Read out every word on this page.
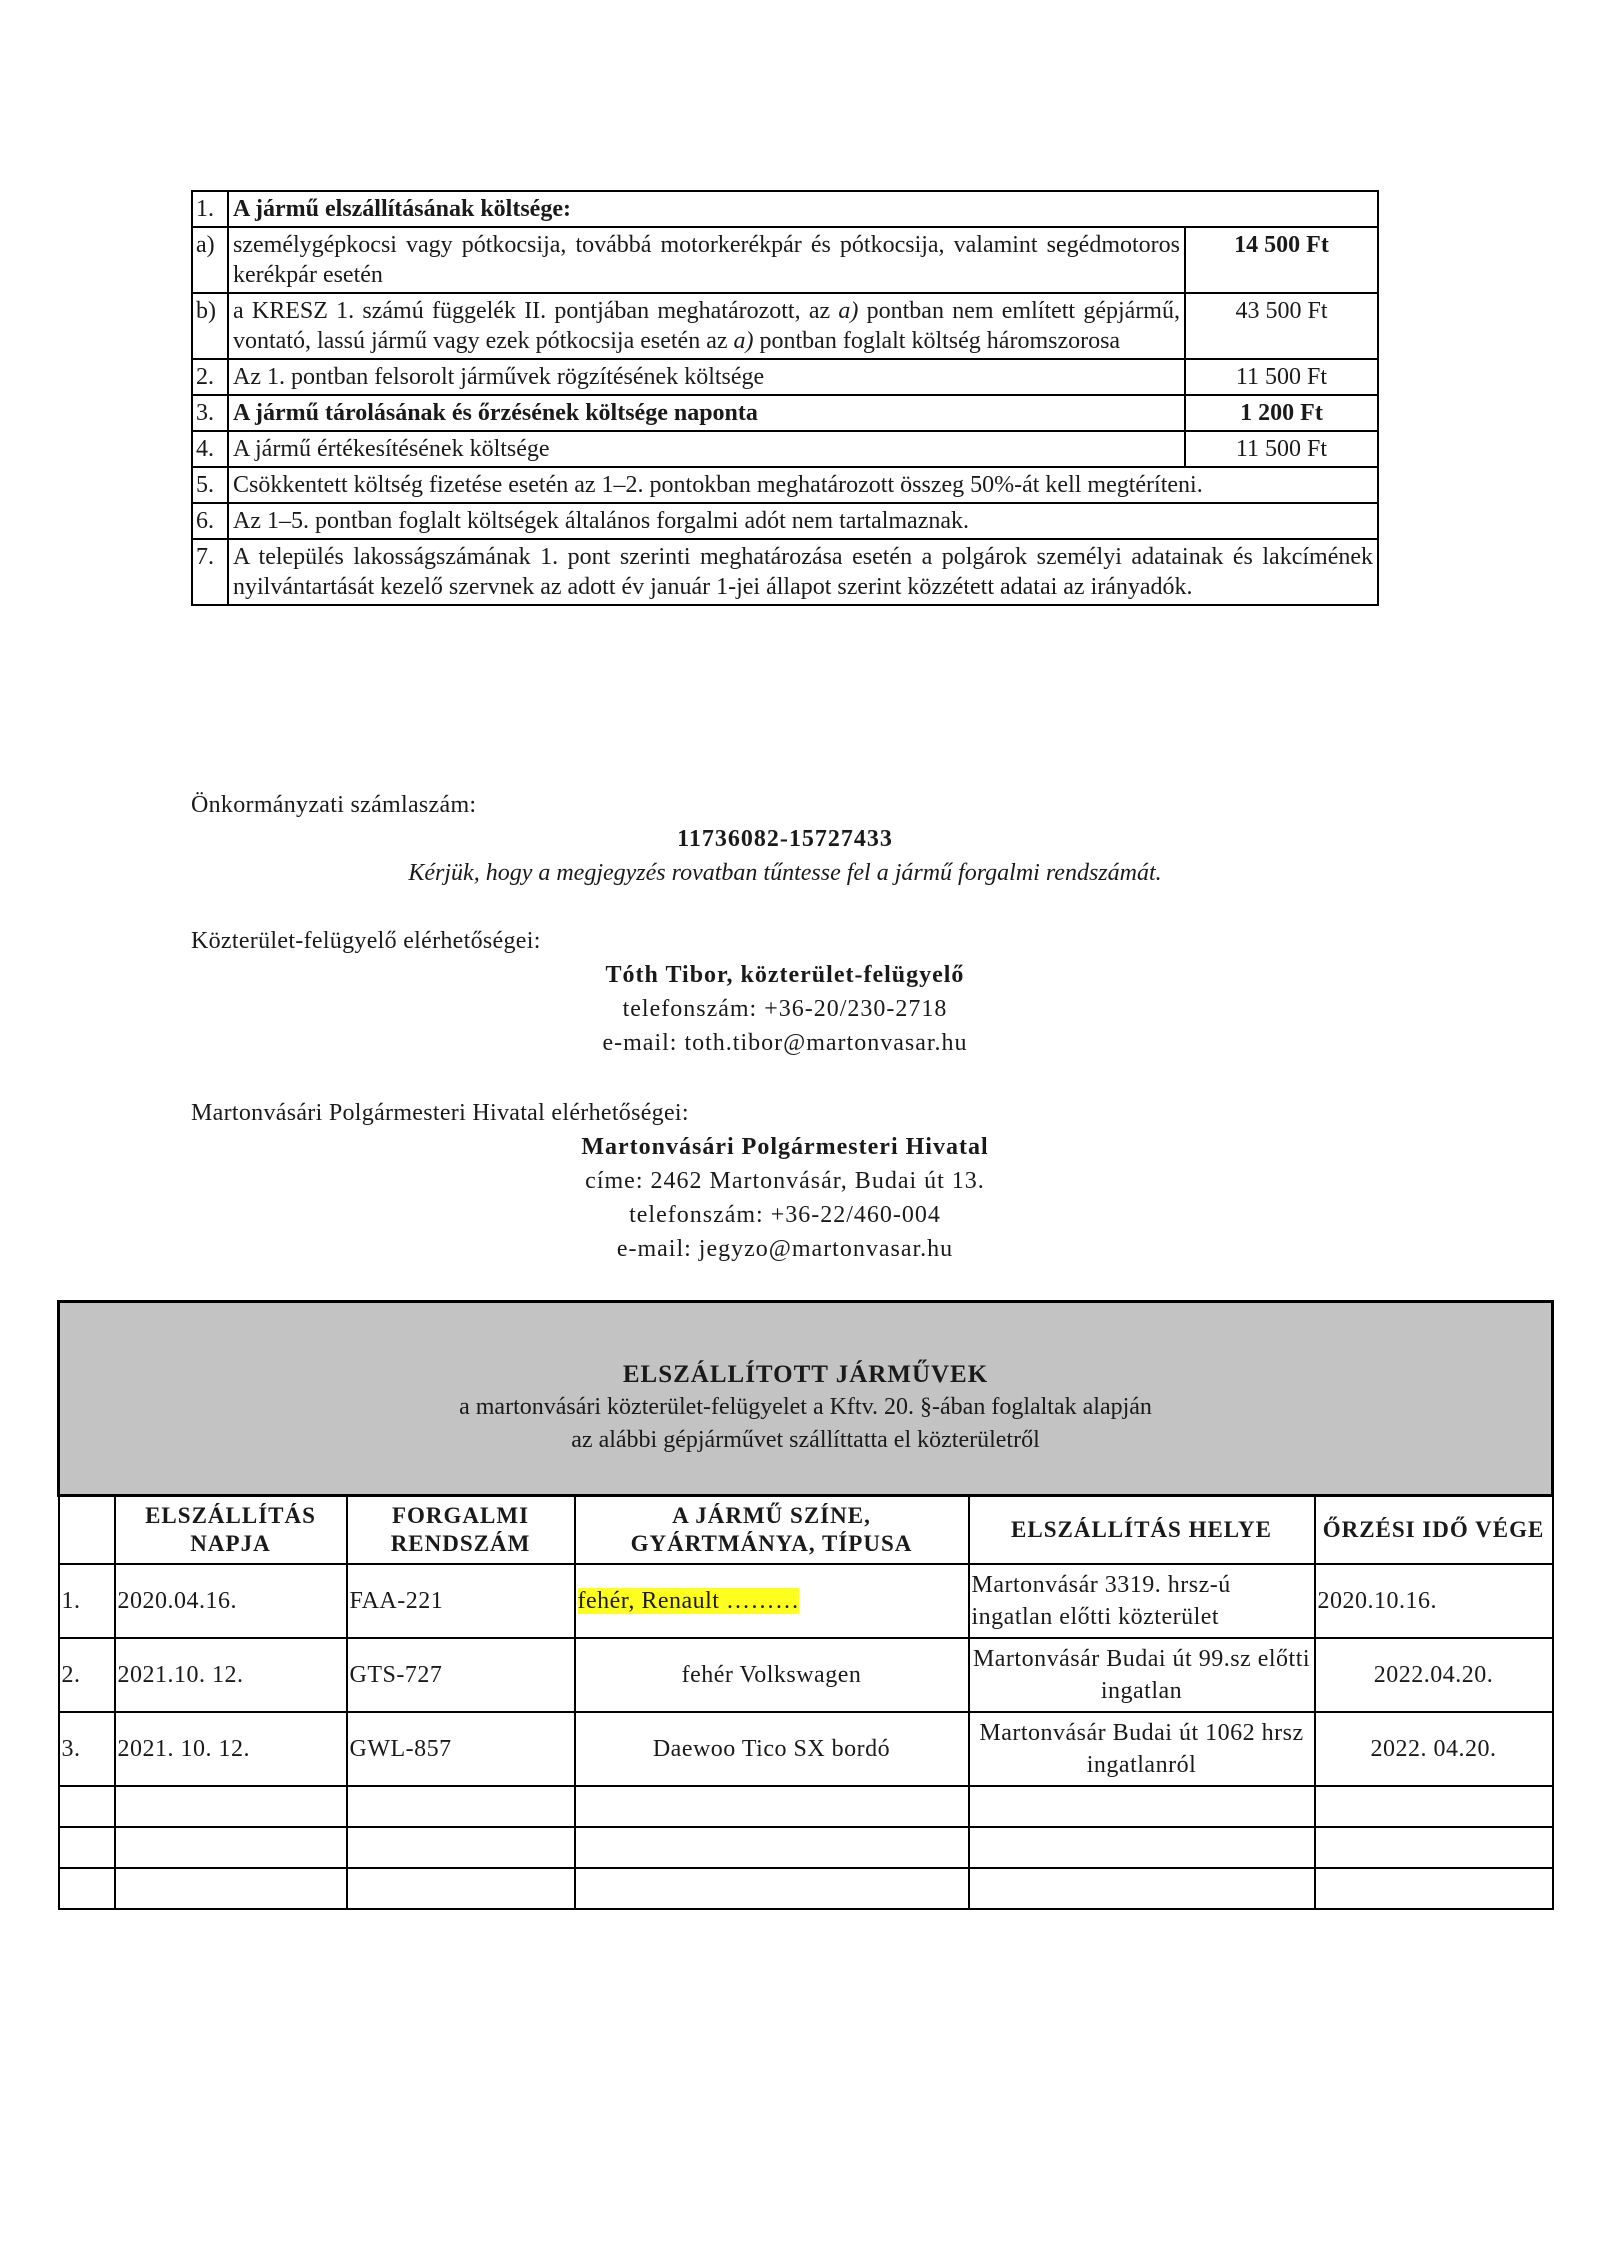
1.	A jármű elszállításának költsége:	
a)	személygépkocsi vagy pótkocsija, továbbá motorkerékpár és pótkocsija, valamint segédmotoros kerékpár esetén	14 500 Ft
b)	a KRESZ 1. számú függelék II. pontjában meghatározott, az a) pontban nem említett gépjármű, vontató, lassú jármű vagy ezek pótkocsija esetén az a) pontban foglalt költség háromszorosa	43 500 Ft
2.	Az 1. pontban felsorolt járművek rögzítésének költsége	11 500 Ft
3.	A jármű tárolásának és őrzésének költsége naponta	1 200 Ft
4.	A jármű értékesítésének költsége	11 500 Ft
5.	Csökkentett költség fizetése esetén az 1–2. pontokban meghatározott összeg 50%-át kell megtéríteni.	
6.	Az 1–5. pontban foglalt költségek általános forgalmi adót nem tartalmaznak.	
7.	A település lakosságszámának 1. pont szerinti meghatározása esetén a polgárok személyi adatainak és lakcímének nyilvántartását kezelő szervnek az adott év január 1-jei állapot szerint közzétett adatai az irányadók.	
Önkormányzati számlaszám:
11736082-15727433
Kérjük, hogy a megjegyzés rovatban tűntesse fel a jármű forgalmi rendszámát.
Közterület-felügyelő elérhetőségei:
Tóth Tibor, közterület-felügyelő
telefonszám: +36-20/230-2718
e-mail: toth.tibor@martonvasar.hu
Martonvásári Polgármesteri Hivatal elérhetőségei:
Martonvásári Polgármesteri Hivatal
címe: 2462 Martonvásár, Budai út 13.
telefonszám: +36-22/460-004
e-mail: jegyzo@martonvasar.hu
ELSZÁLLÍTOTT JÁRMŰVEK
a martonvásári közterület-felügyelet a Kftv. 20. §-ában foglaltak alapján
az alábbi gépjárművet szállíttatta el közterületről					

	ELSZÁLLÍTÁS NAPJA	FORGALMI RENDSZÁM	A JÁRMŰ SZÍNE, GYÁRTMÁNYA, TÍPUSA	ELSZÁLLÍTÁS HELYE	ŐRZÉSI IDŐ VÉGE
1.	2020.04.16.	FAA-221	fehér, Renault ………	Martonvásár 3319. hrsz-ú ingatlan előtti közterület	2020.10.16.
2.	2021.10. 12.	GTS-727	fehér Volkswagen	Martonvásár Budai út 99.sz előtti ingatlan	2022.04.20.
3.	2021. 10. 12.	GWL-857	Daewoo Tico SX bordó	Martonvásár Budai út 1062 hrsz ingatlanról	2022. 04.20.
